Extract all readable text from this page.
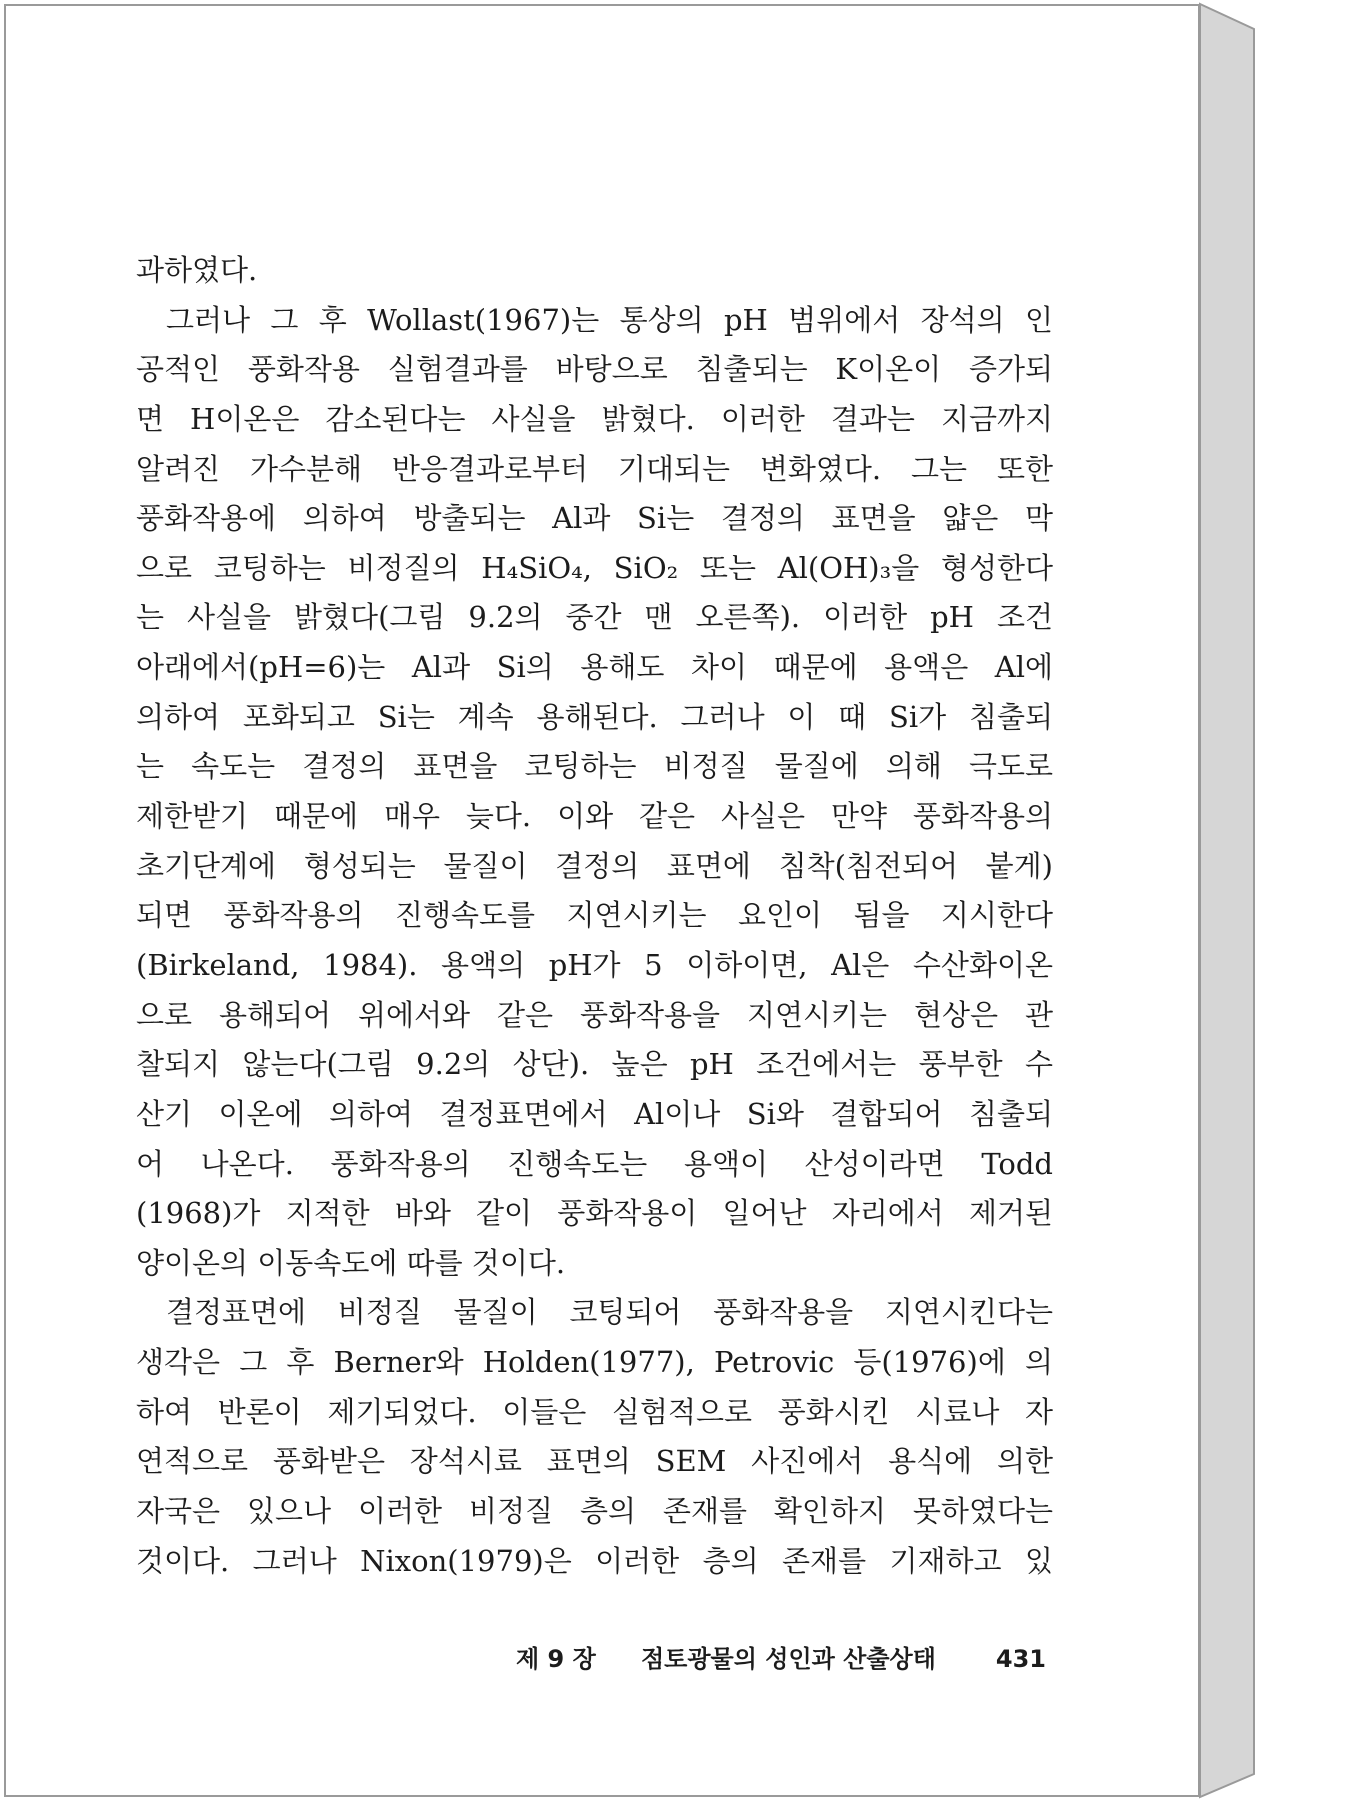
과하였다.
그러나 그 후 Wollast(1967)는 통상의 pH 범위에서 장석의 인
공적인 풍화작용 실험결과를 바탕으로 침출되는 K이온이 증가되
면 H이온은 감소된다는 사실을 밝혔다. 이러한 결과는 지금까지
알려진 가수분해 반응결과로부터 기대되는 변화였다. 그는 또한
풍화작용에 의하여 방출되는 Al과 Si는 결정의 표면을 얇은 막
으로 코팅하는 비정질의 H₄SiO₄, SiO₂ 또는 Al(OH)₃을 형성한다
는 사실을 밝혔다(그림 9.2의 중간 맨 오른쪽). 이러한 pH 조건
아래에서(pH=6)는 Al과 Si의 용해도 차이 때문에 용액은 Al에
의하여 포화되고 Si는 계속 용해된다. 그러나 이 때 Si가 침출되
는 속도는 결정의 표면을 코팅하는 비정질 물질에 의해 극도로
제한받기 때문에 매우 늦다. 이와 같은 사실은 만약 풍화작용의
초기단계에 형성되는 물질이 결정의 표면에 침착(침전되어 붙게)
되면 풍화작용의 진행속도를 지연시키는 요인이 됨을 지시한다
(Birkeland, 1984). 용액의 pH가 5 이하이면, Al은 수산화이온
으로 용해되어 위에서와 같은 풍화작용을 지연시키는 현상은 관
찰되지 않는다(그림 9.2의 상단). 높은 pH 조건에서는 풍부한 수
산기 이온에 의하여 결정표면에서 Al이나 Si와 결합되어 침출되
어 나온다. 풍화작용의 진행속도는 용액이 산성이라면 Todd
(1968)가 지적한 바와 같이 풍화작용이 일어난 자리에서 제거된
양이온의 이동속도에 따를 것이다.
결정표면에 비정질 물질이 코팅되어 풍화작용을 지연시킨다는
생각은 그 후 Berner와 Holden(1977), Petrovic 등(1976)에 의
하여 반론이 제기되었다. 이들은 실험적으로 풍화시킨 시료나 자
연적으로 풍화받은 장석시료 표면의 SEM 사진에서 용식에 의한
자국은 있으나 이러한 비정질 층의 존재를 확인하지 못하였다는
것이다. 그러나 Nixon(1979)은 이러한 층의 존재를 기재하고 있
제 9 장 점토광물의 성인과 산출상태 431
